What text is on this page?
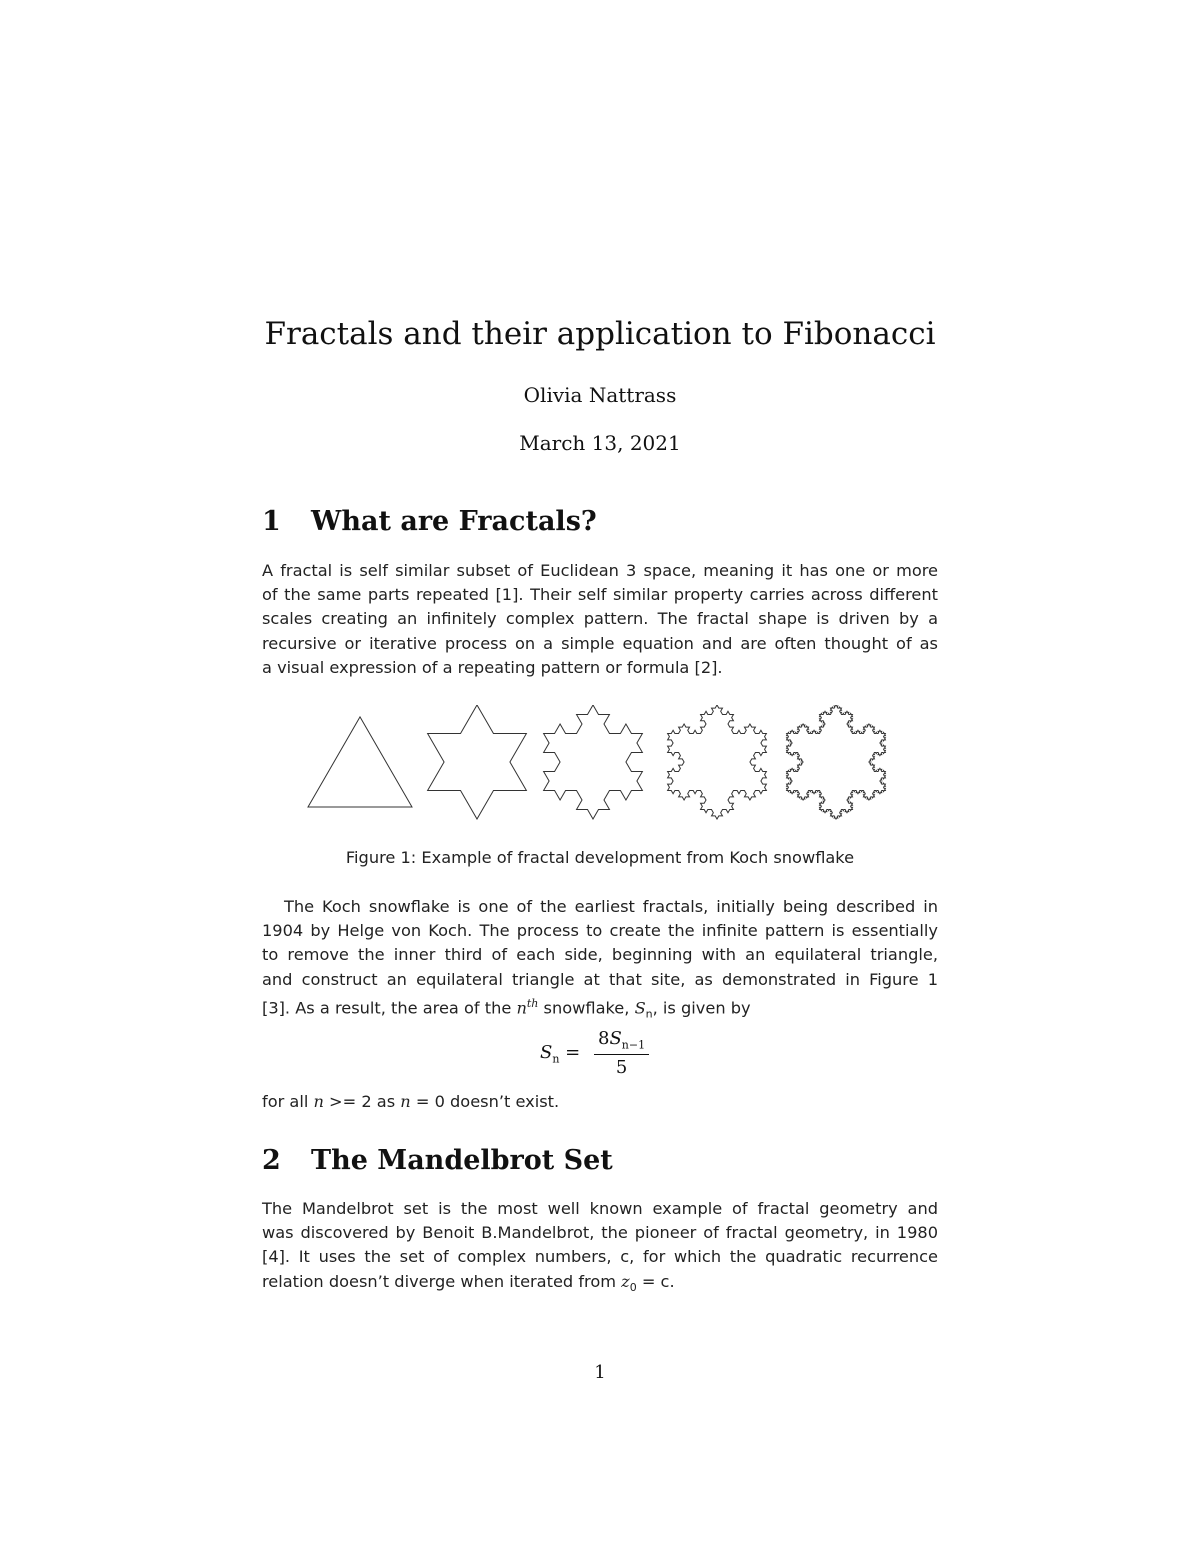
Fractals and their application to Fibonacci
Olivia Nattrass
March 13, 2021
1 What are Fractals?
A fractal is self similar subset of Euclidean 3 space, meaning it has one or more
of the same parts repeated [1]. Their self similar property carries across different
scales creating an infinitely complex pattern. The fractal shape is driven by a
recursive or iterative process on a simple equation and are often thought of as
a visual expression of a repeating pattern or formula [2].
Figure 1: Example of fractal development from Koch snowflake
The Koch snowflake is one of the earliest fractals, initially being described in
1904 by Helge von Koch. The process to create the infinite pattern is essentially
to remove the inner third of each side, beginning with an equilateral triangle,
and construct an equilateral triangle at that site, as demonstrated in Figure 1
[3]. As a result, the area of the $n^{th}$ snowflake, $S_n$, is given by
$S_n = \frac{8S_{n-1}}{5}$
for all n >= 2 as n = 0 doesn’t exist.
2 The Mandelbrot Set
The Mandelbrot set is the most well known example of fractal geometry and
was discovered by Benoit B.Mandelbrot, the pioneer of fractal geometry, in 1980
[4]. It uses the set of complex numbers, c, for which the quadratic recurrence
relation doesn’t diverge when iterated from $z_0 = c$.
1
